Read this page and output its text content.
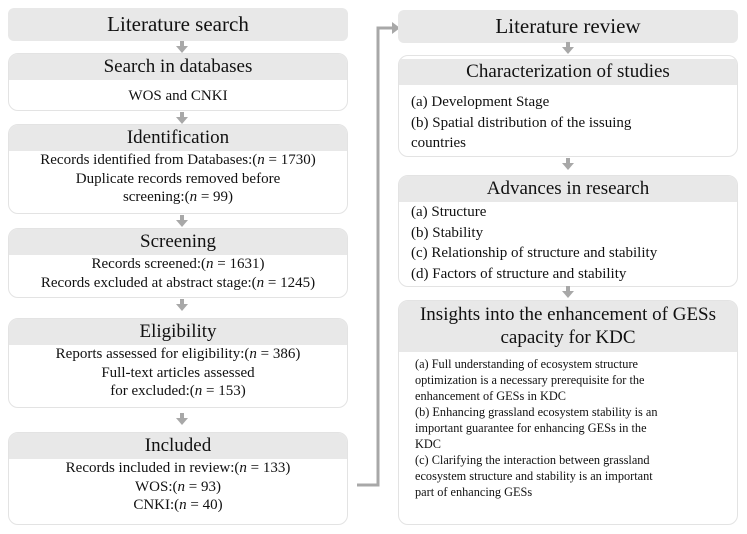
Literature search
Search in databases
WOS and CNKI
Identification
Records identified from Databases:(n = 1730)
Duplicate records removed before
screening:(n = 99)
Screening
Records screened:(n = 1631)
Records excluded at abstract stage:(n = 1245)
Eligibility
Reports assessed for eligibility:(n = 386)
Full-text articles assessed
for excluded:(n = 153)
Included
Records included in review:(n = 133)
WOS:(n = 93)
CNKI:(n = 40)
Literature review
Characterization of studies
(a) Development Stage
(b) Spatial distribution of the issuing
countries
Advances in research
(a) Structure
(b) Stability
(c) Relationship of structure and stability
(d) Factors of structure and stability
Insights into the enhancement of GESs
capacity for KDC
(a) Full understanding of ecosystem structure
optimization is a necessary prerequisite for the
enhancement of GESs in KDC
(b) Enhancing grassland ecosystem stability is an
important guarantee for enhancing GESs in the
KDC
(c) Clarifying the interaction between grassland
ecosystem structure and stability is an important
part of enhancing GESs
